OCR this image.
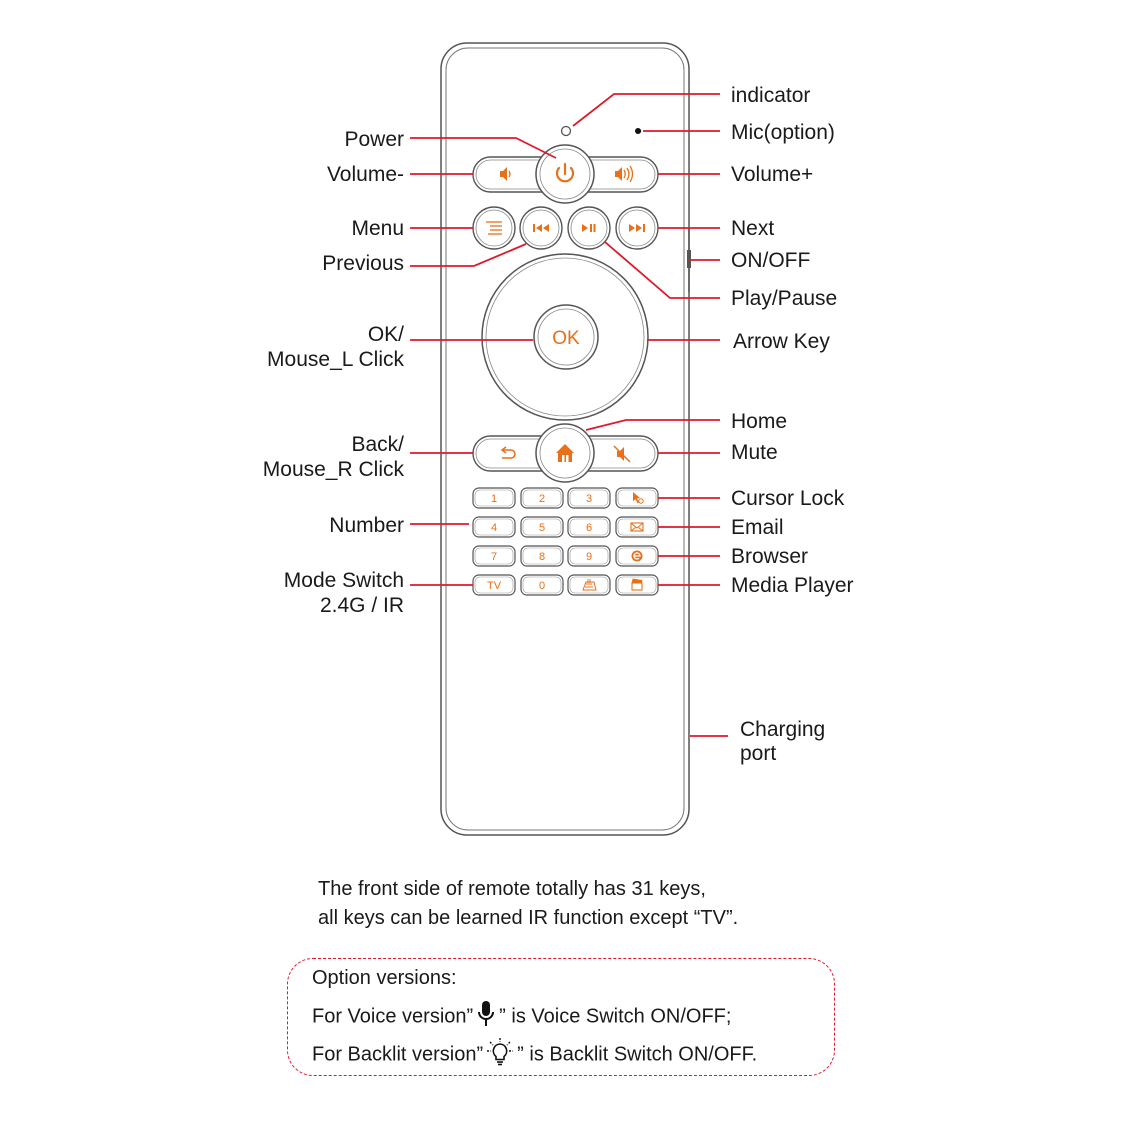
OK
1	2	3
4	5	6
7	8	9
TV	0
Power
Volume-
Menu
Previous
OK/
Mouse_L Click
Back/
Mouse_R Click
Number
Mode Switch
2.4G / IR
indicator
Mic(option)
Volume+
Next
ON/OFF
Play/Pause
Arrow Key
Home
Mute
Cursor Lock
Email
Browser
Media Player
Charging
port
The front side of remote totally has 31 keys,
all keys can be learned IR function except “TV”.
Option versions:
For Voice version” ” is Voice Switch ON/OFF;
For Backlit version” ” is Backlit Switch ON/OFF.
